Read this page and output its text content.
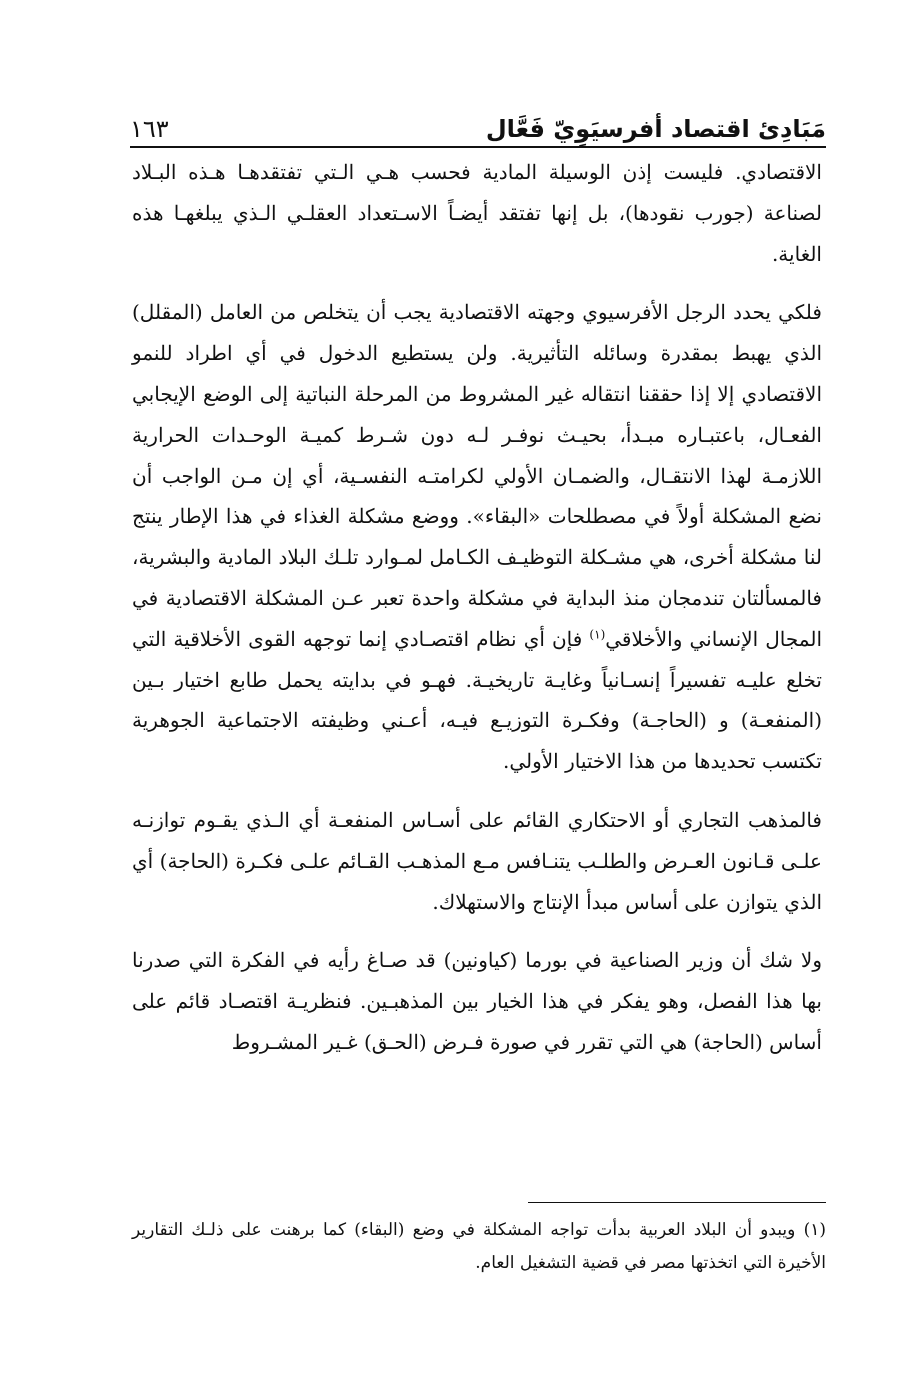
مَبَادِئ اقتصاد أفرسيَوِيّ فَعَّال
١٦٣

الاقتصادي. فليست إذن الوسيلة المادية فحسب هـي الـتي تفتقدهـا هـذه البـلاد لصناعة (جورب نقودها)، بل إنها تفتقد أيضـاً الاسـتعداد العقلـي الـذي يبلغهـا هذه الغاية.

فلكي يحدد الرجل الأفرسيوي وجهته الاقتصادية يجب أن يتخلص من العامل (المقلل) الذي يهبط بمقدرة وسائله التأثيرية. ولن يستطيع الدخول في أي اطراد للنمو الاقتصادي إلا إذا حققنا انتقاله غير المشروط من المرحلة النباتية إلى الوضع الإيجابي الفعـال، باعتبـاره مبـدأ، بحيـث نوفـر لـه دون شـرط كميـة الوحـدات الحرارية اللازمـة لهذا الانتقـال، والضمـان الأولي لكرامتـه النفسـية، أي إن مـن الواجب أن نضع المشكلة أولاً في مصطلحات «البقاء». ووضع مشكلة الغذاء في هذا الإطار ينتج لنا مشكلة أخرى، هي مشـكلة التوظيـف الكـامل لمـوارد تلـك البلاد المادية والبشرية، فالمسألتان تندمجان منذ البداية في مشكلة واحدة تعبر عـن المشكلة الاقتصادية في المجال الإنساني والأخلاقي$^{(١)}$ فإن أي نظام اقتصـادي إنما توجهه القوى الأخلاقية التي تخلع عليـه تفسيراً إنسـانياً وغايـة تاريخيـة. فهـو في بدايته يحمل طابع اختيار بـين (المنفعـة) و (الحاجـة) وفكـرة التوزيـع فيـه، أعـني وظيفته الاجتماعية الجوهرية تكتسب تحديدها من هذا الاختيار الأولي.

فالمذهب التجاري أو الاحتكاري القائم على أسـاس المنفعـة أي الـذي يقـوم توازنـه علـى قـانون العـرض والطلـب يتنـافس مـع المذهـب القـائم علـى فكـرة (الحاجة) أي الذي يتوازن على أساس مبدأ الإنتاج والاستهلاك.

ولا شك أن وزير الصناعية في بورما (كياونين) قد صـاغ رأيه في الفكرة التي صدرنا بها هذا الفصل، وهو يفكر في هذا الخيار بين المذهبـين. فنظريـة اقتصـاد قائم على أساس (الحاجة) هي التي تقرر في صورة فـرض (الحـق) غـير المشـروط

(١) ويبدو أن البلاد العربية بدأت تواجه المشكلة في وضع (البقاء) كما برهنت على ذلـك التقارير الأخيرة التي اتخذتها مصر في قضية التشغيل العام.
